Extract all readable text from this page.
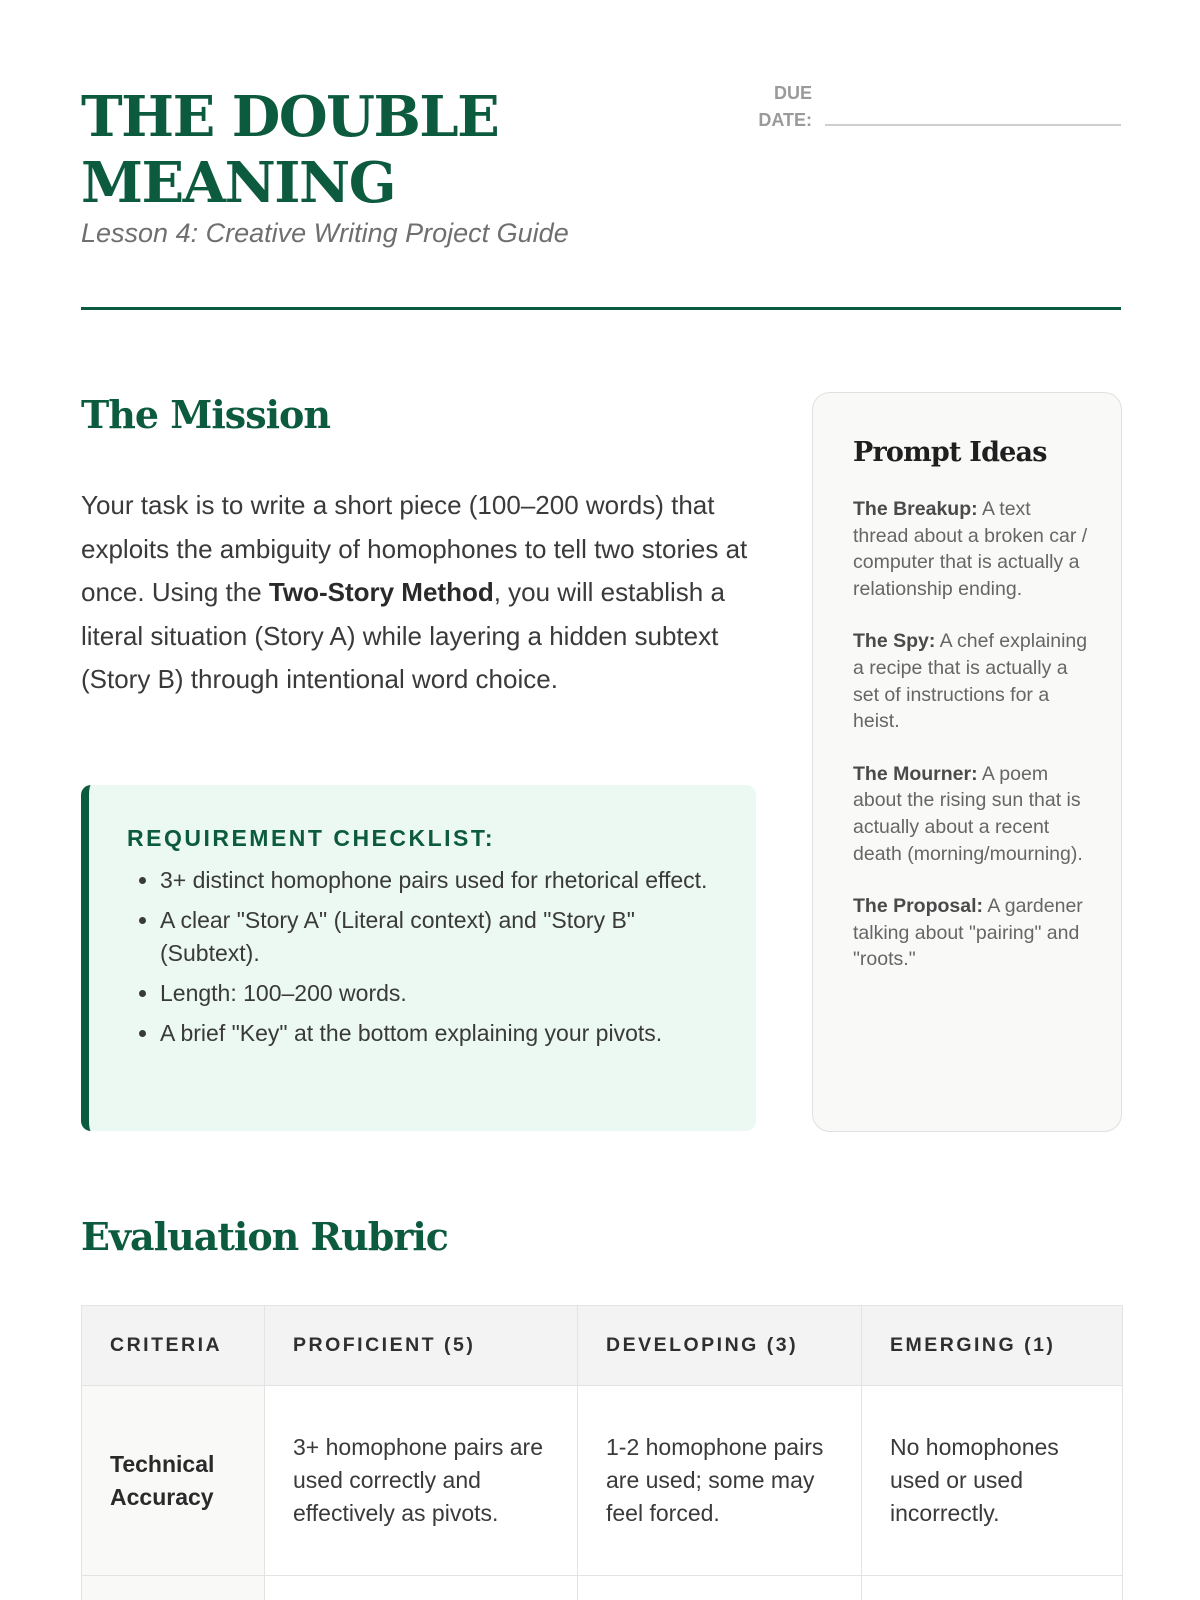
THE DOUBLE
MEANING

Lesson 4: Creative Writing Project Guide

DUE
DATE:
The Mission

Your task is to write a short piece (100–200 words) that exploits the ambiguity of homophones to tell two stories at once. Using the Two-Story Method, you will establish a literal situation (Story A) while layering a hidden subtext (Story B) through intentional word choice.

REQUIREMENT CHECKLIST:
• 3+ distinct homophone pairs used for rhetorical effect.
• A clear "Story A" (Literal context) and "Story B" (Subtext).
• Length: 100–200 words.
• A brief "Key" at the bottom explaining your pivots.
Prompt Ideas

The Breakup: A text thread about a broken car / computer that is actually a relationship ending.

The Spy: A chef explaining a recipe that is actually a set of instructions for a heist.

The Mourner: A poem about the rising sun that is actually about a recent death (morning/mourning).

The Proposal: A gardener talking about "pairing" and "roots."

Evaluation Rubric
CRITERIA	PROFICIENT (5)	DEVELOPING (3)	EMERGING (1)
Technical Accuracy	3+ homophone pairs are used correctly and effectively as pivots.	1-2 homophone pairs are used; some may feel forced.	No homophones used or used incorrectly.
